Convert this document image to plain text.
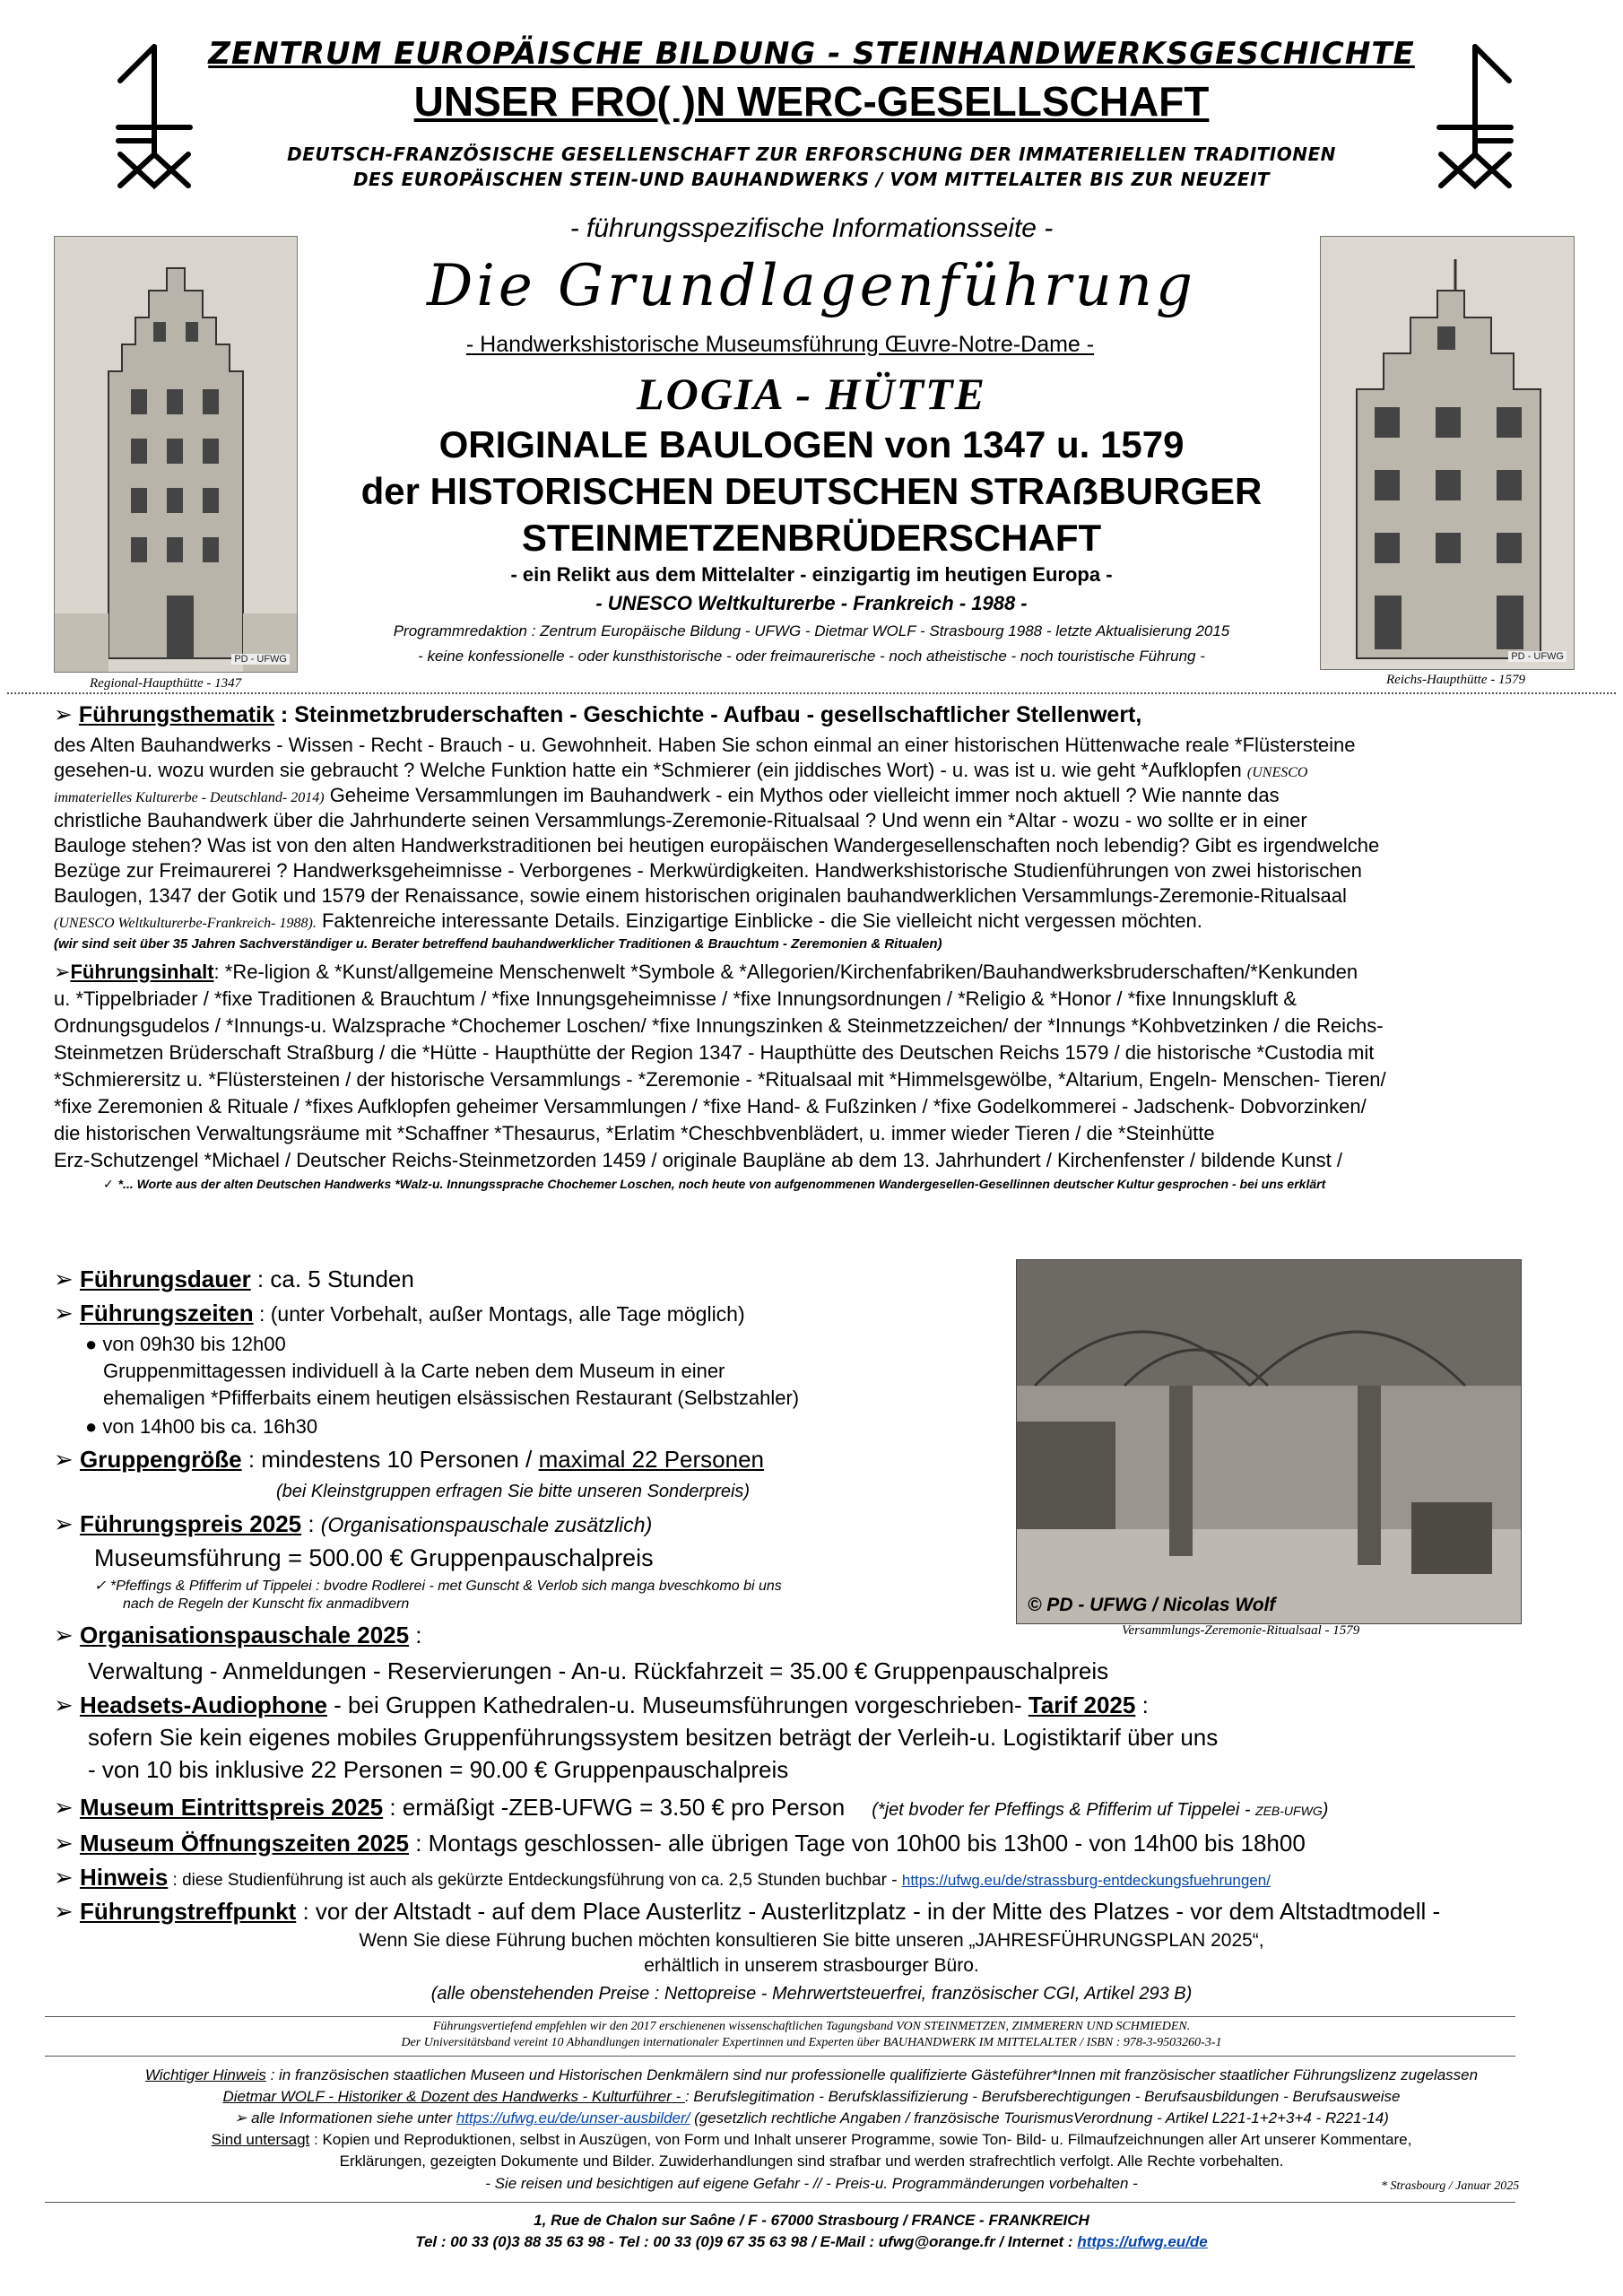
ZENTRUM EUROPÄISCHE BILDUNG - STEINHANDWERKSGESCHICHTE
UNSER FRO( )N WERC-GESELLSCHAFT
DEUTSCH-FRANZÖSISCHE GESELLENSCHAFT ZUR ERFORSCHUNG DER IMMATERIELLEN TRADITIONEN
DES EUROPÄISCHEN STEIN-UND BAUHANDWERKS / VOM MITTELALTER BIS ZUR NEUZEIT
- führungsspezifische Informationsseite -
Die Grundlagenführung
- Handwerkshistorische Museumsführung Œuvre-Notre-Dame -
LOGIA - HÜTTE
ORIGINALE BAULOGEN von 1347 u. 1579
der HISTORISCHEN DEUTSCHEN STRAẞBURGER
STEINMETZENBRÜDERSCHAFT
- ein Relikt aus dem Mittelalter - einzigartig im heutigen Europa -
- UNESCO Weltkulturerbe - Frankreich - 1988 -
Programmredaktion : Zentrum Europäische Bildung - UFWG - Dietmar WOLF - Strasbourg 1988 - letzte Aktualisierung 2015
- keine konfessionelle - oder kunsthistorische - oder freimaurerische - noch atheistische - noch touristische Führung -
PD - UFWG
Regional-Haupthütte - 1347
PD - UFWG
Reichs-Haupthütte - 1579
➢ Führungsthematik : Steinmetzbruderschaften - Geschichte - Aufbau - gesellschaftlicher Stellenwert,
des Alten Bauhandwerks - Wissen - Recht - Brauch - u. Gewohnheit. Haben Sie schon einmal an einer historischen Hüttenwache reale *Flüstersteine
gesehen-u. wozu wurden sie gebraucht ? Welche Funktion hatte ein *Schmierer (ein jiddisches Wort) - u. was ist u. wie geht *Aufklopfen (UNESCO
immaterielles Kulturerbe - Deutschland- 2014) Geheime Versammlungen im Bauhandwerk - ein Mythos oder vielleicht immer noch aktuell ? Wie nannte das
christliche Bauhandwerk über die Jahrhunderte seinen Versammlungs-Zeremonie-Ritualsaal ? Und wenn ein *Altar - wozu - wo sollte er in einer
Bauloge stehen? Was ist von den alten Handwerkstraditionen bei heutigen europäischen Wandergesellenschaften noch lebendig? Gibt es irgendwelche
Bezüge zur Freimaurerei ? Handwerksgeheimnisse - Verborgenes - Merkwürdigkeiten. Handwerkshistorische Studienführungen von zwei historischen
Baulogen, 1347 der Gotik und 1579 der Renaissance, sowie einem historischen originalen bauhandwerklichen Versammlungs-Zeremonie-Ritualsaal
(UNESCO Weltkulturerbe-Frankreich- 1988). Faktenreiche interessante Details. Einzigartige Einblicke - die Sie vielleicht nicht vergessen möchten.
(wir sind seit über 35 Jahren Sachverständiger u. Berater betreffend bauhandwerklicher Traditionen & Brauchtum - Zeremonien & Ritualen)
➢Führungsinhalt: *Re-ligion & *Kunst/allgemeine Menschenwelt *Symbole & *Allegorien/Kirchenfabriken/Bauhandwerksbruderschaften/*Kenkunden
u. *Tippelbriader / *fixe Traditionen & Brauchtum / *fixe Innungsgeheimnisse / *fixe Innungsordnungen / *Religio & *Honor / *fixe Innungskluft &
Ordnungsgudelos / *Innungs-u. Walzsprache *Chochemer Loschen/ *fixe Innungszinken & Steinmetzzeichen/ der *Innungs *Kohbvetzinken / die Reichs-
Steinmetzen Brüderschaft Straßburg / die *Hütte - Haupthütte der Region 1347 - Haupthütte des Deutschen Reichs 1579 / die historische *Custodia mit
*Schmierersitz u. *Flüstersteinen / der historische Versammlungs - *Zeremonie - *Ritualsaal mit *Himmelsgewölbe, *Altarium, Engeln- Menschen- Tieren/
*fixe Zeremonien & Rituale / *fixes Aufklopfen geheimer Versammlungen / *fixe Hand- & Fußzinken / *fixe Godelkommerei - Jadschenk- Dobvorzinken/
die historischen Verwaltungsräume mit *Schaffner *Thesaurus, *Erlatim *Cheschbvenblädert, u. immer wieder Tieren / die *Steinhütte
Erz-Schutzengel *Michael / Deutscher Reichs-Steinmetzorden 1459 / originale Baupläne ab dem 13. Jahrhundert / Kirchenfenster / bildende Kunst /
✓ *... Worte aus der alten Deutschen Handwerks *Walz-u. Innungssprache Chochemer Loschen, noch heute von aufgenommenen Wandergesellen-Gesellinnen deutscher Kultur gesprochen - bei uns erklärt
© PD - UFWG / Nicolas Wolf
Versammlungs-Zeremonie-Ritualsaal - 1579
➢ Führungsdauer : ca. 5 Stunden
➢ Führungszeiten : (unter Vorbehalt, außer Montags, alle Tage möglich)
● von 09h30 bis 12h00
Gruppenmittagessen individuell à la Carte neben dem Museum in einer
ehemaligen *Pfifferbaits einem heutigen elsässischen Restaurant (Selbstzahler)
● von 14h00 bis ca. 16h30
➢ Gruppengröße : mindestens 10 Personen / maximal 22 Personen
(bei Kleinstgruppen erfragen Sie bitte unseren Sonderpreis)
➢ Führungspreis 2025 : (Organisationspauschale zusätzlich)
Museumsführung = 500.00 € Gruppenpauschalpreis
✓ *Pfeffings & Pfifferim uf Tippelei : bvodre Rodlerei - met Gunscht & Verlob sich manga bveschkomo bi uns
nach de Regeln der Kunscht fix anmadibvern
➢ Organisationspauschale 2025 :
Verwaltung - Anmeldungen - Reservierungen - An-u. Rückfahrzeit = 35.00 € Gruppenpauschalpreis
➢ Headsets-Audiophone - bei Gruppen Kathedralen-u. Museumsführungen vorgeschrieben- Tarif 2025 :
sofern Sie kein eigenes mobiles Gruppenführungssystem besitzen beträgt der Verleih-u. Logistiktarif über uns
- von 10 bis inklusive 22 Personen = 90.00 € Gruppenpauschalpreis
➢ Museum Eintrittspreis 2025 : ermäßigt -ZEB-UFWG = 3.50 € pro Person (*jet bvoder fer Pfeffings & Pfifferim uf Tippelei - ZEB-UFWG)
➢ Museum Öffnungszeiten 2025 : Montags geschlossen- alle übrigen Tage von 10h00 bis 13h00 - von 14h00 bis 18h00
➢ Hinweis : diese Studienführung ist auch als gekürzte Entdeckungsführung von ca. 2,5 Stunden buchbar - https://ufwg.eu/de/strassburg-entdeckungsfuehrungen/
➢ Führungstreffpunkt : vor der Altstadt - auf dem Place Austerlitz - Austerlitzplatz - in der Mitte des Platzes - vor dem Altstadtmodell -
Wenn Sie diese Führung buchen möchten konsultieren Sie bitte unseren „JAHRESFÜHRUNGSPLAN 2025“,
erhältlich in unserem strasbourger Büro.
(alle obenstehenden Preise : Nettopreise - Mehrwertsteuerfrei, französischer CGI, Artikel 293 B)
Führungsvertiefend empfehlen wir den 2017 erschienenen wissenschaftlichen Tagungsband VON STEINMETZEN, ZIMMERERN UND SCHMIEDEN.
Der Universitätsband vereint 10 Abhandlungen internationaler Expertinnen und Experten über BAUHANDWERK IM MITTELALTER / ISBN : 978-3-9503260-3-1
Wichtiger Hinweis : in französischen staatlichen Museen und Historischen Denkmälern sind nur professionelle qualifizierte Gästeführer*Innen mit französischer staatlicher Führungslizenz zugelassen
Dietmar WOLF - Historiker & Dozent des Handwerks - Kulturführer - : Berufslegitimation - Berufsklassifizierung - Berufsberechtigungen - Berufsausbildungen - Berufsausweise
➢ alle Informationen siehe unter https://ufwg.eu/de/unser-ausbilder/ (gesetzlich rechtliche Angaben / französische TourismusVerordnung - Artikel L221-1+2+3+4 - R221-14)
Sind untersagt : Kopien und Reproduktionen, selbst in Auszügen, von Form und Inhalt unserer Programme, sowie Ton- Bild- u. Filmaufzeichnungen aller Art unserer Kommentare,
Erklärungen, gezeigten Dokumente und Bilder. Zuwiderhandlungen sind strafbar und werden strafrechtlich verfolgt. Alle Rechte vorbehalten.
- Sie reisen und besichtigen auf eigene Gefahr - // - Preis-u. Programmänderungen vorbehalten -	* Strasbourg / Januar 2025
1, Rue de Chalon sur Saône / F - 67000 Strasbourg / FRANCE - FRANKREICH
Tel : 00 33 (0)3 88 35 63 98 - Tel : 00 33 (0)9 67 35 63 98 / E-Mail : ufwg@orange.fr / Internet : https://ufwg.eu/de
